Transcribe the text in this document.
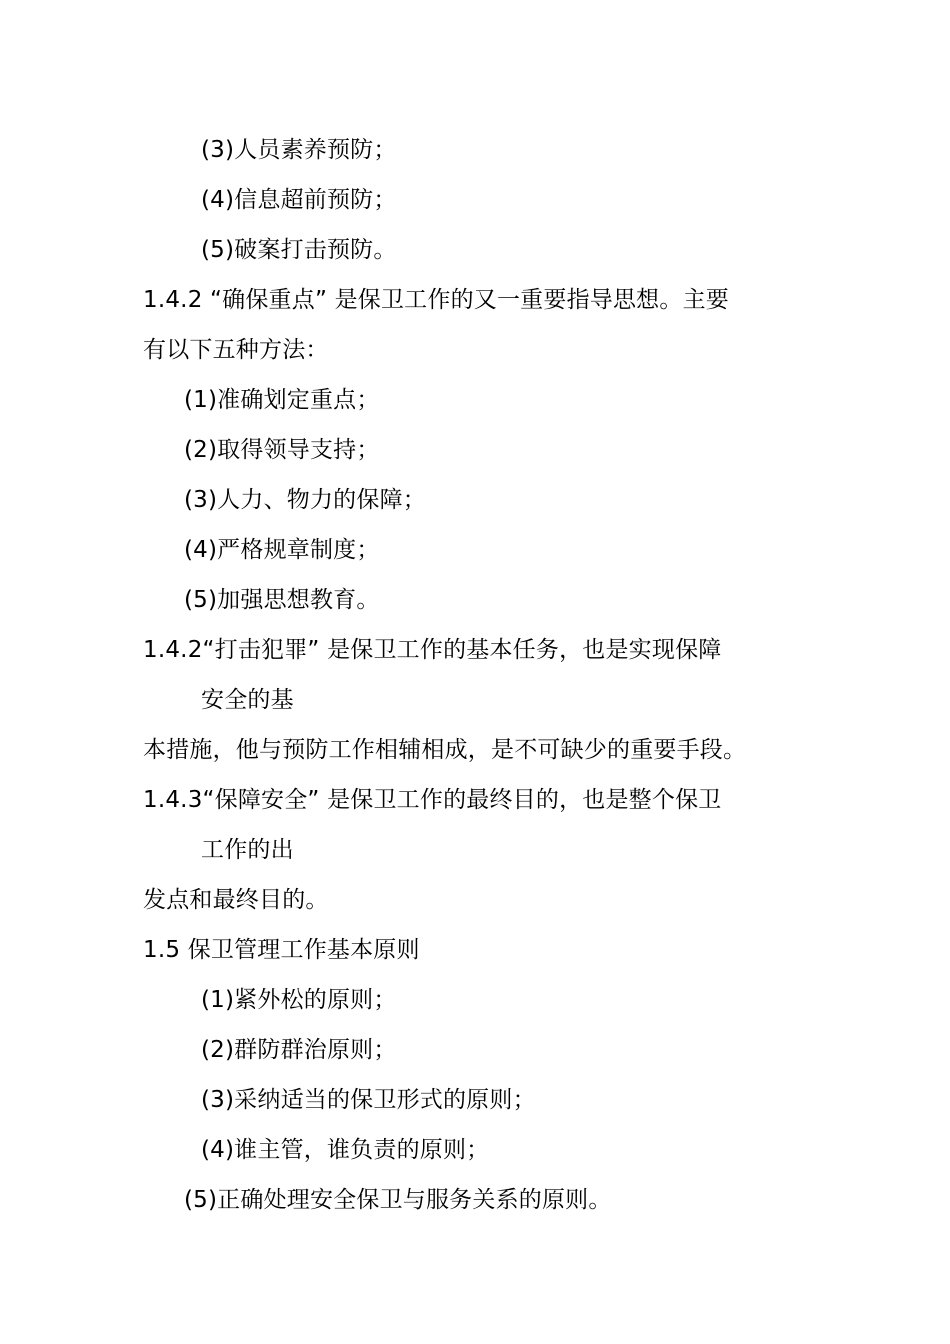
(3)人员素养预防；
(4)信息超前预防；
(5)破案打击预防。
1.4.2 “确保重点” 是保卫工作的又一重要指导思想。主要
有以下五种方法：
(1)准确划定重点；
(2)取得领导支持；
(3)人力、物力的保障；
(4)严格规章制度；
(5)加强思想教育。
1.4.2“打击犯罪” 是保卫工作的基本任务，也是实现保障
安全的基
本措施，他与预防工作相辅相成，是不可缺少的重要手段。
1.4.3“保障安全” 是保卫工作的最终目的，也是整个保卫
工作的出
发点和最终目的。
1.5 保卫管理工作基本原则
(1)紧外松的原则；
(2)群防群治原则；
(3)采纳适当的保卫形式的原则；
(4)谁主管，谁负责的原则；
(5)正确处理安全保卫与服务关系的原则。
